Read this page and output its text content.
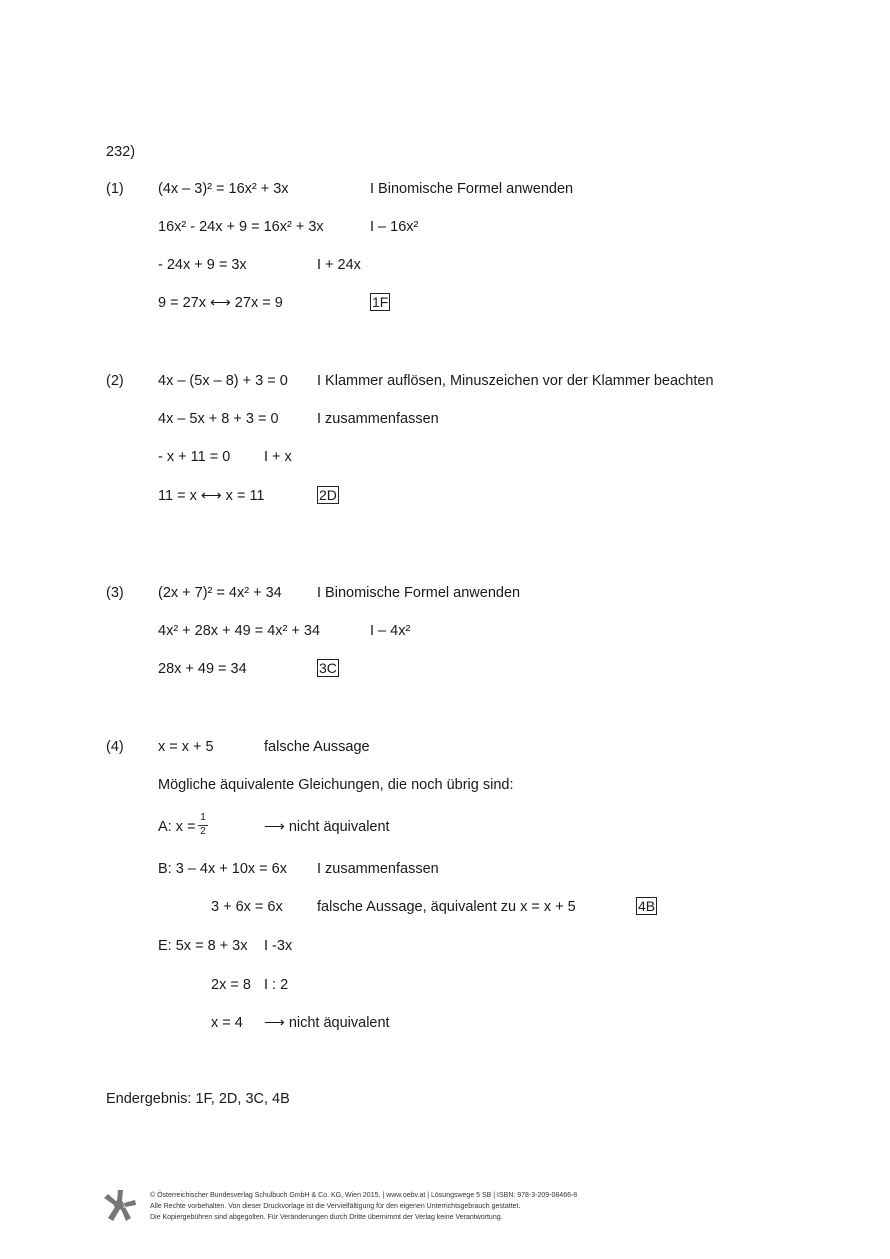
232)
(1) (4x – 3)² = 16x² + 3x	I Binomische Formel anwenden
16x² - 24x + 9 = 16x² + 3x	I – 16x²
- 24x + 9 = 3x	I + 24x
9 = 27x ⟷ 27x = 9	1F
(2) 4x – (5x – 8) + 3 = 0 I Klammer auflösen, Minuszeichen vor der Klammer beachten
4x – 5x + 8 + 3 = 0	I zusammenfassen
- x + 11 = 0 I + x
11 = x ⟷ x = 11	2D
(3) (2x + 7)² = 4x² + 34 I Binomische Formel anwenden
4x² + 28x + 49 = 4x² + 34	I – 4x²
28x + 49 = 34	3C
(4) x = x + 5	falsche Aussage
Mögliche äquivalente Gleichungen, die noch übrig sind:
A: $x = \frac{1}{2}$	⟶ nicht äquivalent
B: 3 – 4x + 10x = 6x I zusammenfassen
3 + 6x = 6x falsche Aussage, äquivalent zu x = x + 5	4B
E: 5x = 8 + 3x I -3x
2x = 8 I : 2
x = 4 ⟶ nicht äquivalent
Endergebnis: 1F, 2D, 3C, 4B
© Österreichischer Bundesverlag Schulbuch GmbH & Co. KG, Wien 2015. | www.oebv.at | Lösungswege 5 SB | ISBN: 978-3-209-08466-8
Alle Rechte vorbehalten. Von dieser Druckvorlage ist die Vervielfältigung für den eigenen Unterrichtsgebrauch gestattet.
Die Kopiergebühren sind abgegolten. Für Veränderungen durch Dritte übernimmt der Verlag keine Verantwortung.
